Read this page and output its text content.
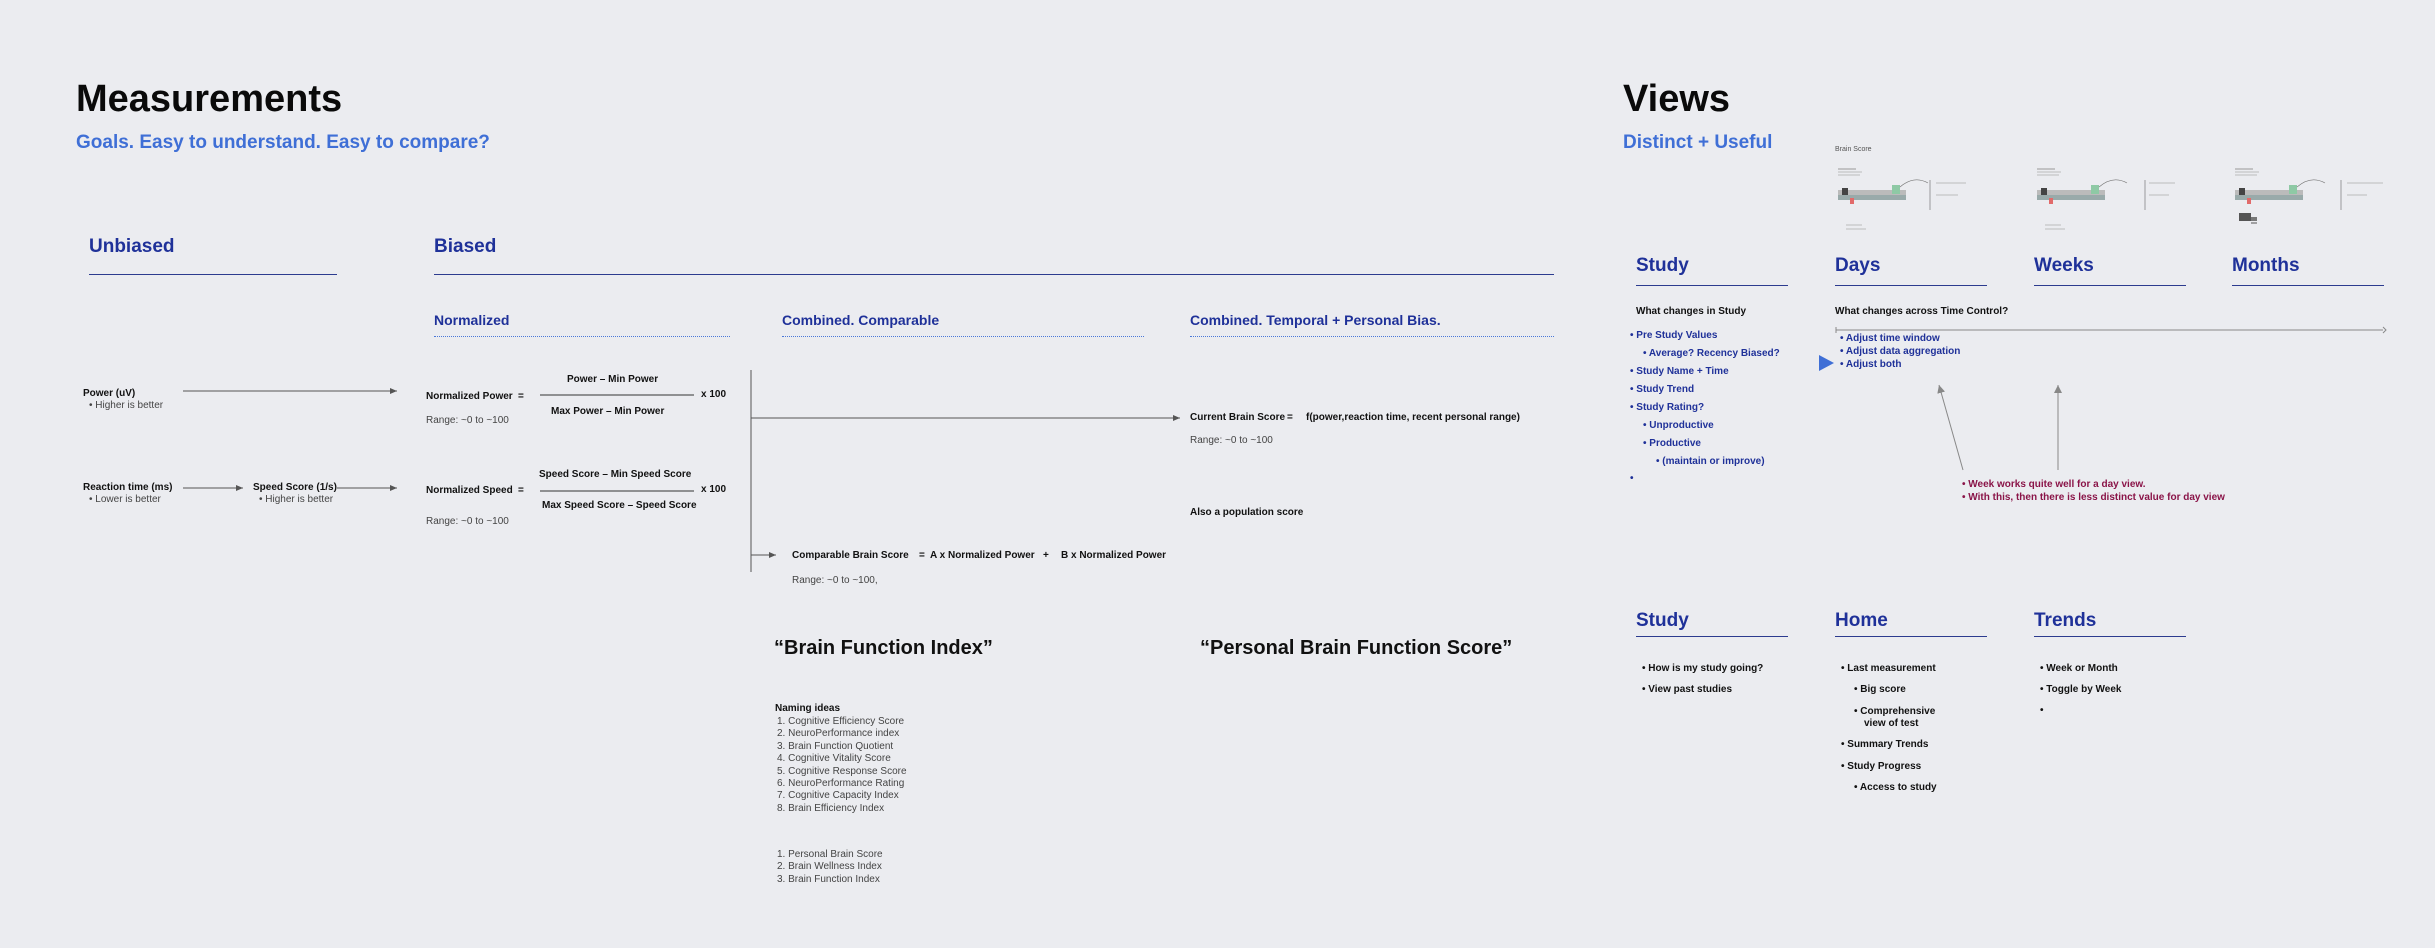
Measurements
Goals. Easy to understand. Easy to compare?
Unbiased	Biased
Normalized	Combined. Comparable	Combined. Temporal + Personal Bias.
Power (uV)
• Higher is better
Reaction time (ms)
• Lower is better
Speed Score (1/s)
• Higher is better
Normalized Power =
Power – Min Power
Max Power – Min Power
x 100
Range: ~0 to ~100
Normalized Speed =
Speed Score – Min Speed Score
Max Speed Score – Speed Score
x 100
Range: ~0 to ~100
Current Brain Score = f(power,reaction time, recent personal range)
Range: ~0 to ~100
Also a population score
Comparable Brain Score = A x Normalized Power + B x Normalized Power
Range: ~0 to ~100,
“Brain Function Index”	“Personal Brain Function Score”
Naming ideas
1. Cognitive Efficiency Score
2. NeuroPerformance index
3. Brain Function Quotient
4. Cognitive Vitality Score
5. Cognitive Response Score
6. NeuroPerformance Rating
7. Cognitive Capacity Index
8. Brain Efficiency Index
1. Personal Brain Score
2. Brain Wellness Index
3. Brain Function Index
Views
Distinct + Useful	Brain Score
Study	Days	Weeks	Months
What changes in Study
• Pre Study Values
• Average? Recency Biased?
• Study Name + Time
• Study Trend
• Study Rating?
• Unproductive
• Productive
• (maintain or improve)
•
What changes across Time Control?
• Adjust time window
• Adjust data aggregation
• Adjust both
• Week works quite well for a day view.
• With this, then there is less distinct value for day view
Study	Home	Trends
• How is my study going?
• View past studies
• Last measurement
• Big score
• Comprehensive
view of test
• Summary Trends
• Study Progress
• Access to study
• Week or Month
• Toggle by Week
•
